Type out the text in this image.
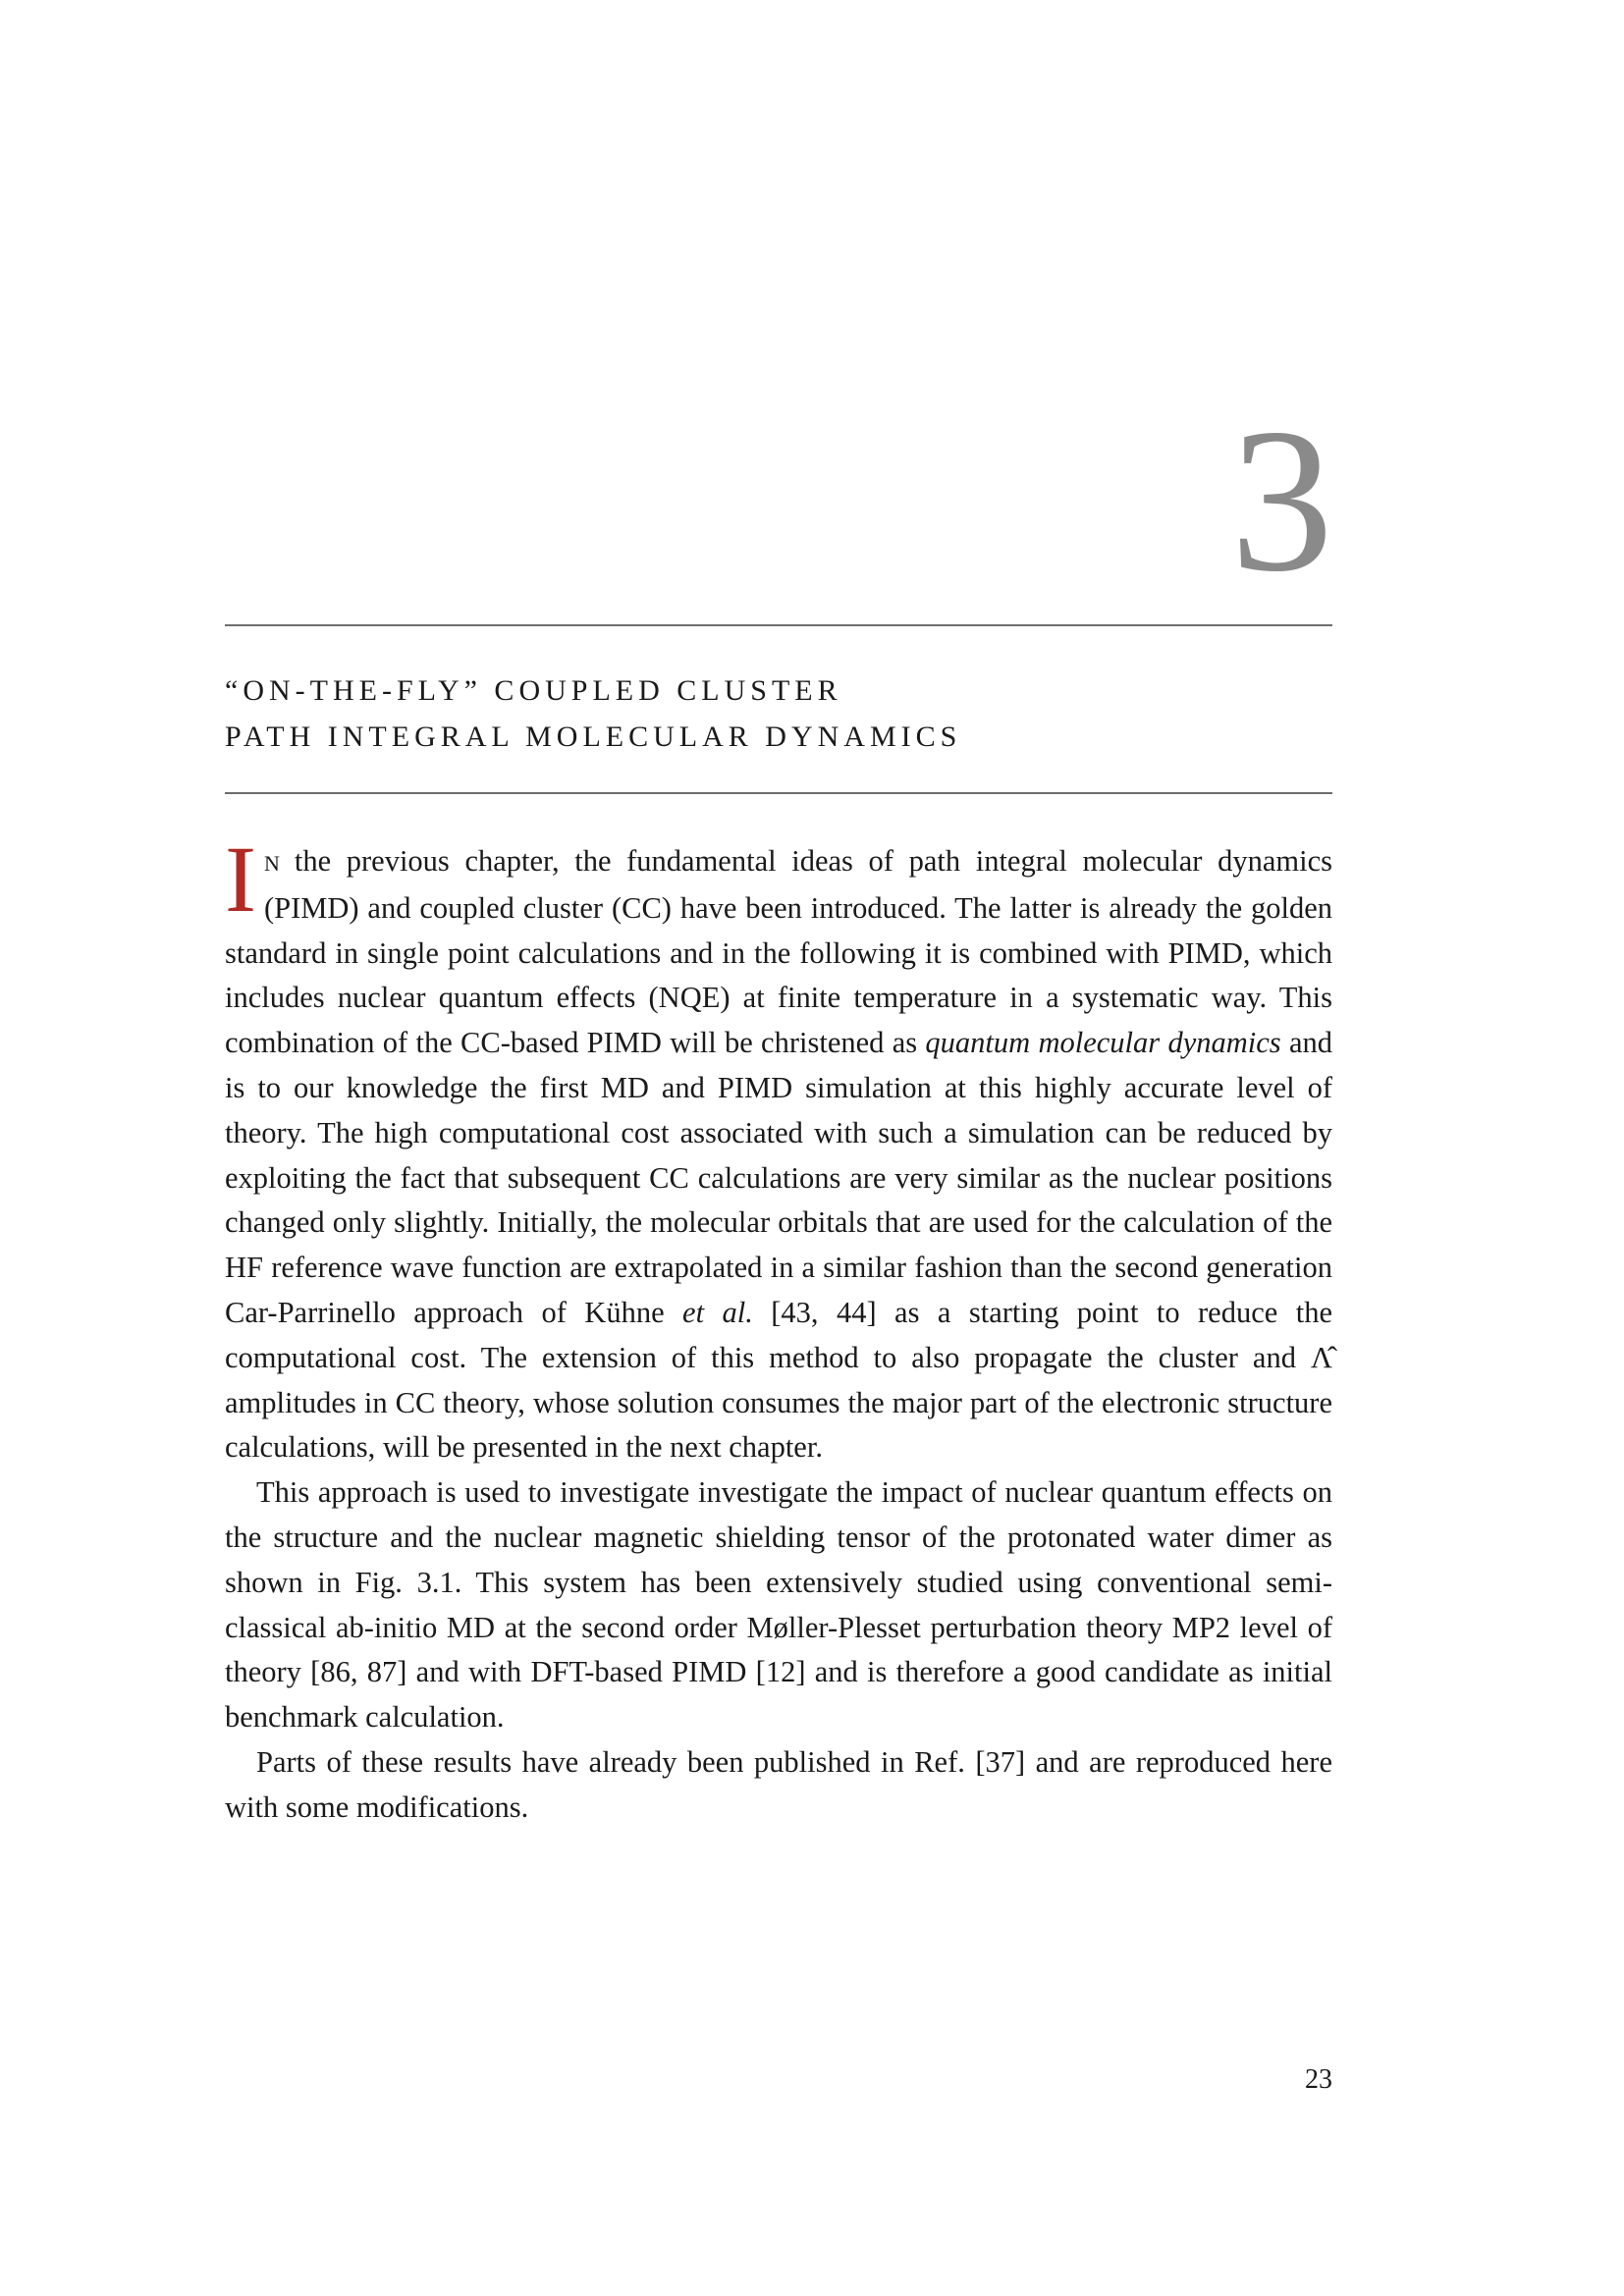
3
“ON-THE-FLY” COUPLED CLUSTER
PATH INTEGRAL MOLECULAR DYNAMICS

I N the previous chapter, the fundamental ideas of path integral molecular dynamics (PIMD) and coupled cluster (CC) have been introduced. The latter is already the golden standard in single point calculations and in the following it is combined with PIMD, which includes nuclear quantum effects (NQE) at finite temperature in a systematic way. This combination of the CC-based PIMD will be christened as quantum molecular dynamics and is to our knowledge the first MD and PIMD simulation at this highly accurate level of theory. The high computational cost associated with such a simulation can be reduced by exploiting the fact that subsequent CC calculations are very similar as the nuclear positions changed only slightly. Initially, the molecular orbitals that are used for the calculation of the HF reference wave function are extrapolated in a similar fashion than the second generation Car-Parrinello approach of Kühne et al. [43, 44] as a starting point to reduce the computational cost. The extension of this method to also propagate the cluster and Λ̂ amplitudes in CC theory, whose solution consumes the major part of the electronic structure calculations, will be presented in the next chapter.

This approach is used to investigate investigate the impact of nuclear quantum effects on the structure and the nuclear magnetic shielding tensor of the protonated water dimer as shown in Fig. 3.1. This system has been extensively studied using conventional semi-classical ab-initio MD at the second order Møller-Plesset perturbation theory MP2 level of theory [86, 87] and with DFT-based PIMD [12] and is therefore a good candidate as initial benchmark calculation.

Parts of these results have already been published in Ref. [37] and are reproduced here with some modifications.

23
